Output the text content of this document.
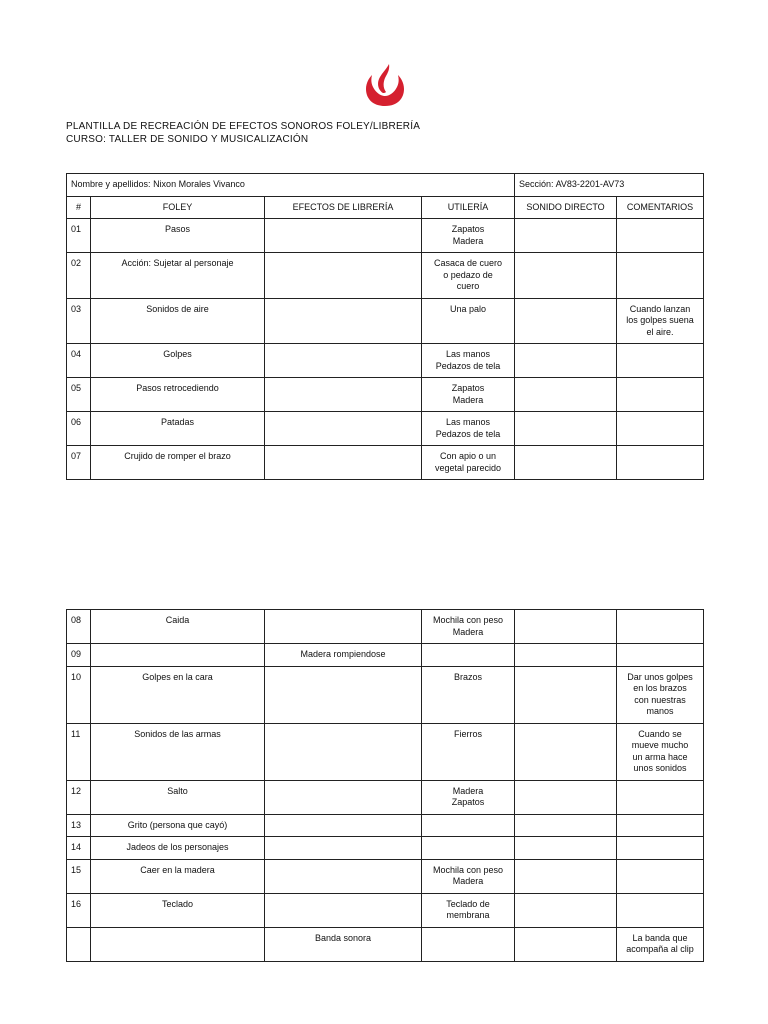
PLANTILLA DE RECREACIÓN DE EFECTOS SONOROS FOLEY/LIBRERÍA
CURSO: TALLER DE SONIDO Y MUSICALIZACIÓN
Nombre y apellidos: Nixon Morales Vivanco				Sección: AV83-2201-AV73	
#	FOLEY	EFECTOS DE LIBRERÍA	UTILERÍA	SONIDO DIRECTO	COMENTARIOS
01	Pasos		Zapatos
Madera		
02	Acción: Sujetar al personaje		Casaca de cuero
o pedazo de
cuero		
03	Sonidos de aire		Una palo		Cuando lanzan
los golpes suena
el aire.
04	Golpes		Las manos
Pedazos de tela		
05	Pasos retrocediendo		Zapatos
Madera		
06	Patadas		Las manos
Pedazos de tela		
07	Crujido de romper el brazo		Con apio o un
vegetal parecido		
08	Caida		Mochila con peso
Madera		
09		Madera rompiendose			
10	Golpes en la cara		Brazos		Dar unos golpes
en los brazos
con nuestras
manos
11	Sonidos de las armas		Fierros		Cuando se
mueve mucho
un arma hace
unos sonidos
12	Salto		Madera
Zapatos		
13	Grito (persona que cayó)				
14	Jadeos de los personajes				
15	Caer en la madera		Mochila con peso
Madera		
16	Teclado		Teclado de
membrana		
		Banda sonora			La banda que
acompaña al clip
